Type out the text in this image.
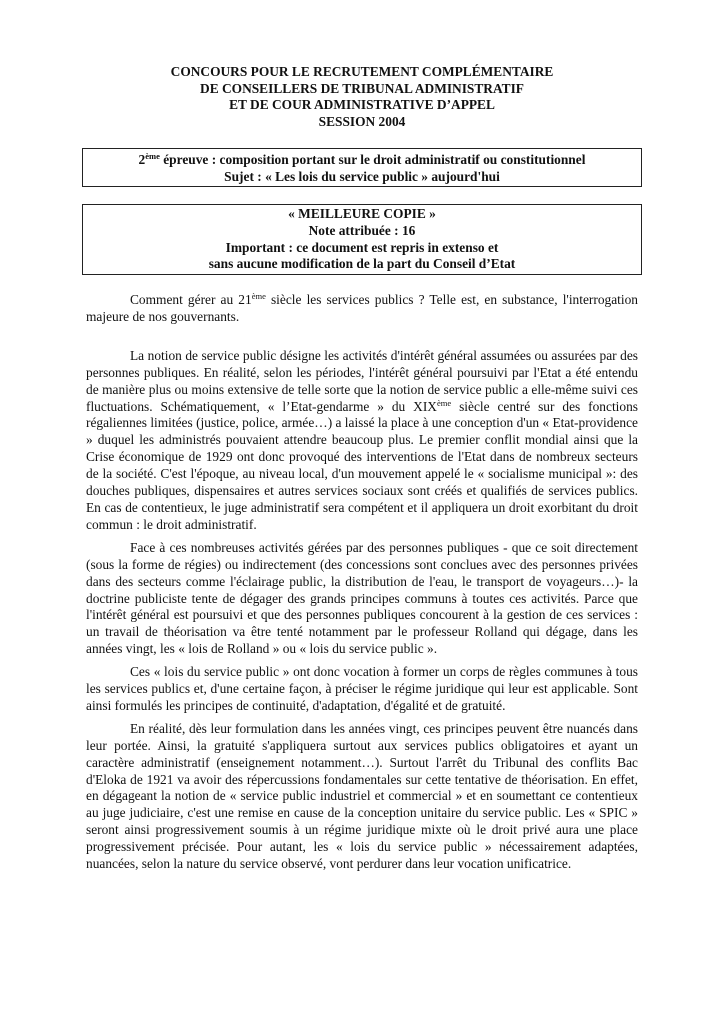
CONCOURS POUR LE RECRUTEMENT COMPLÉMENTAIRE
DE CONSEILLERS DE TRIBUNAL ADMINISTRATIF
ET DE COUR ADMINISTRATIVE D’APPEL
SESSION 2004
2ème épreuve : composition portant sur le droit administratif ou constitutionnel
Sujet : « Les lois du service public » aujourd'hui
« MEILLEURE COPIE »
Note attribuée : 16
Important : ce document est repris in extenso et
sans aucune modification de la part du Conseil d’Etat

Comment gérer au 21ème siècle les services publics ? Telle est, en substance, l'interrogation majeure de nos gouvernants.

La notion de service public désigne les activités d'intérêt général assumées ou assurées par des personnes publiques. En réalité, selon les périodes, l'intérêt général poursuivi par l'Etat a été entendu de manière plus ou moins extensive de telle sorte que la notion de service public a elle-même suivi ces fluctuations. Schématiquement, « l’Etat-gendarme » du XIXème siècle centré sur des fonctions régaliennes limitées (justice, police, armée…) a laissé la place à une conception d'un « Etat-providence » duquel les administrés pouvaient attendre beaucoup plus. Le premier conflit mondial ainsi que la Crise économique de 1929 ont donc provoqué des interventions de l'Etat dans de nombreux secteurs de la société. C'est l'époque, au niveau local, d'un mouvement appelé le « socialisme municipal »: des douches publiques, dispensaires et autres services sociaux sont créés et qualifiés de services publics. En cas de contentieux, le juge administratif sera compétent et il appliquera un droit exorbitant du droit commun : le droit administratif.

Face à ces nombreuses activités gérées par des personnes publiques - que ce soit directement (sous la forme de régies) ou indirectement (des concessions sont conclues avec des personnes privées dans des secteurs comme l'éclairage public, la distribution de l'eau, le transport de voyageurs…)- la doctrine publiciste tente de dégager des grands principes communs à toutes ces activités. Parce que l'intérêt général est poursuivi et que des personnes publiques concourent à la gestion de ces services : un travail de théorisation va être tenté notamment par le professeur Rolland qui dégage, dans les années vingt, les « lois de Rolland » ou « lois du service public ».

Ces « lois du service public » ont donc vocation à former un corps de règles communes à tous les services publics et, d'une certaine façon, à préciser le régime juridique qui leur est applicable. Sont ainsi formulés les principes de continuité, d'adaptation, d'égalité et de gratuité.

En réalité, dès leur formulation dans les années vingt, ces principes peuvent être nuancés dans leur portée. Ainsi, la gratuité s'appliquera surtout aux services publics obligatoires et ayant un caractère administratif (enseignement notamment…). Surtout l'arrêt du Tribunal des conflits Bac d'Eloka de 1921 va avoir des répercussions fondamentales sur cette tentative de théorisation. En effet, en dégageant la notion de « service public industriel et commercial » et en soumettant ce contentieux au juge judiciaire, c'est une remise en cause de la conception unitaire du service public. Les « SPIC » seront ainsi progressivement soumis à un régime juridique mixte où le droit privé aura une place progressivement précisée. Pour autant, les « lois du service public » nécessairement adaptées, nuancées, selon la nature du service observé, vont perdurer dans leur vocation unificatrice.
